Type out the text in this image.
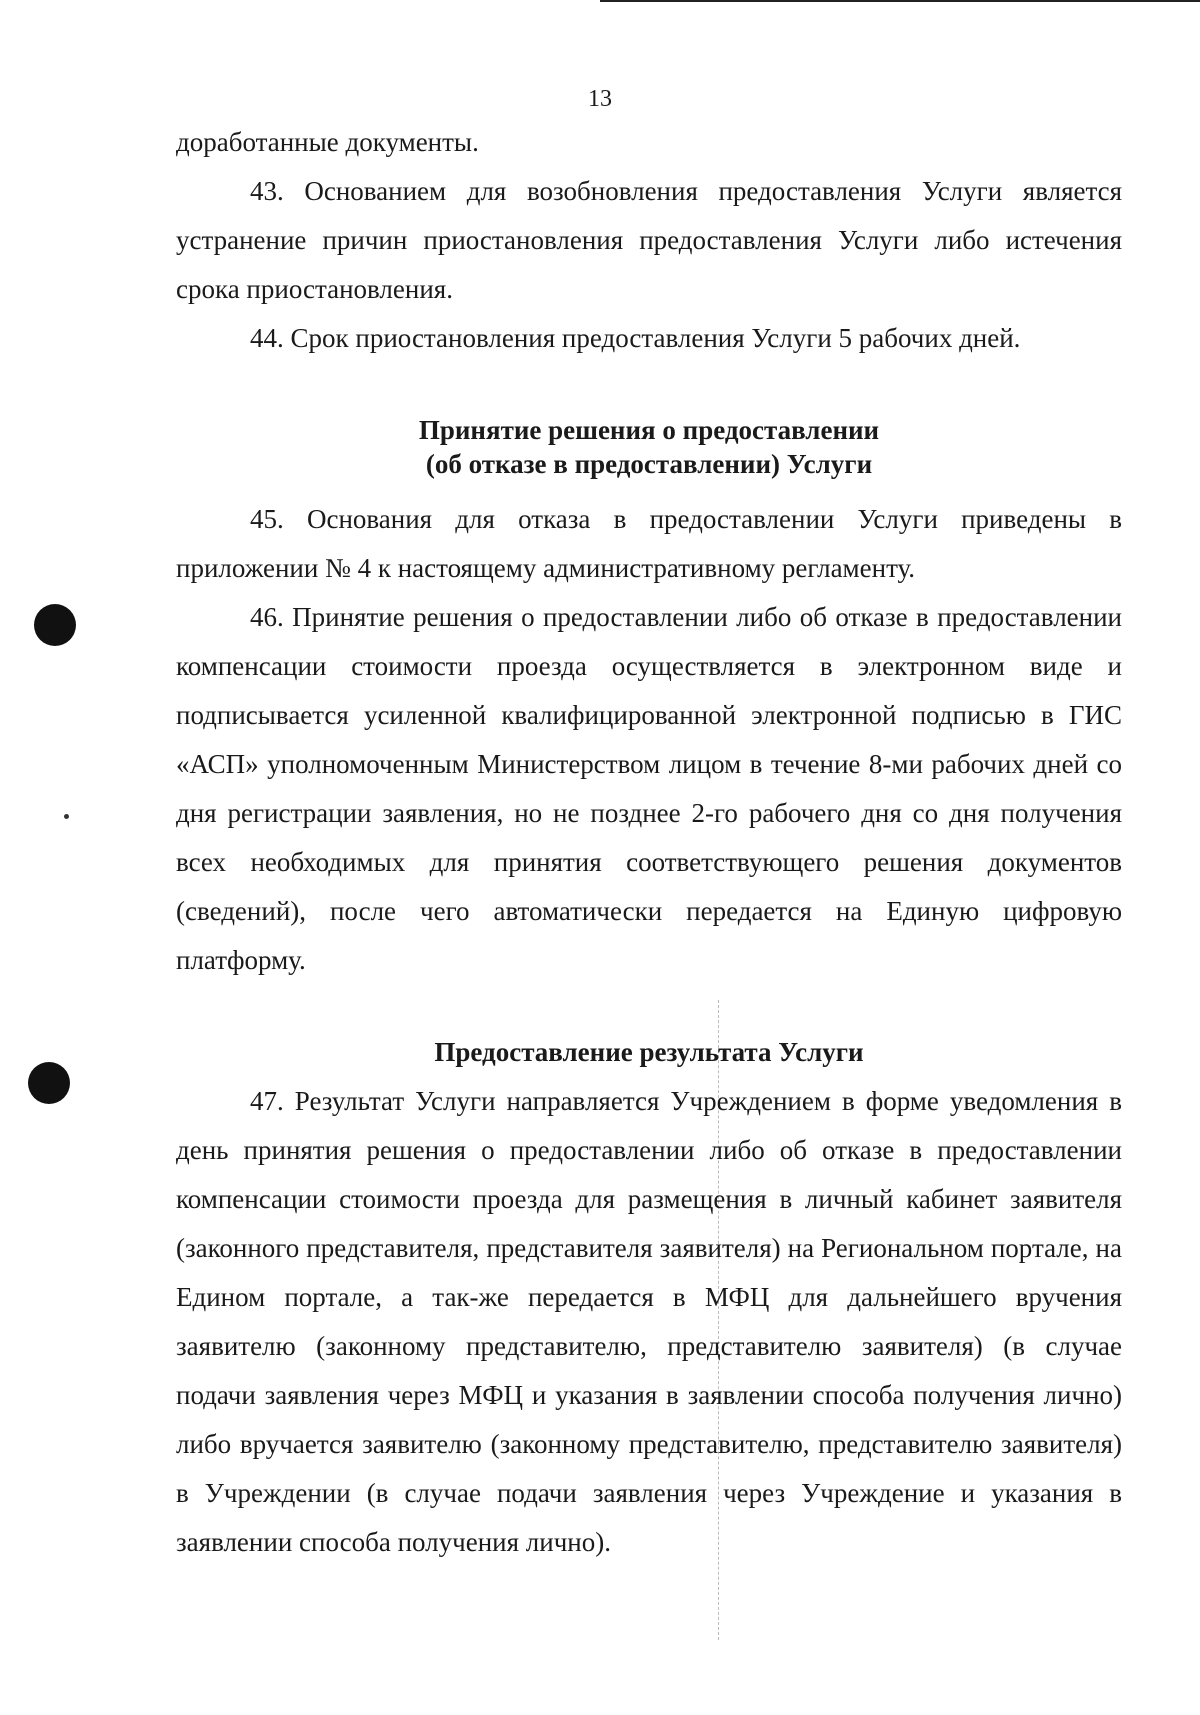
13

доработанные документы.

43. Основанием для возобновления предоставления Услуги является устранение причин приостановления предоставления Услуги либо истечения срока приостановления.

44. Срок приостановления предоставления Услуги 5 рабочих дней.

Принятие решения о предоставлении
(об отказе в предоставлении) Услуги

45. Основания для отказа в предоставлении Услуги приведены в приложении № 4 к настоящему административному регламенту.

46. Принятие решения о предоставлении либо об отказе в предоставлении компенсации стоимости проезда осуществляется в электронном виде и подписывается усиленной квалифицированной электронной подписью в ГИС «АСП» уполномоченным Министерством лицом в течение 8-ми рабочих дней со дня регистрации заявления, но не позднее 2-го рабочего дня со дня получения всех необходимых для принятия соответствующего решения документов (сведений), после чего автоматически передается на Единую цифровую платформу.

Предоставление результата Услуги

47. Результат Услуги направляется Учреждением в форме уведомления в день принятия решения о предоставлении либо об отказе в предоставлении компенсации стоимости проезда для размещения в личный кабинет заявителя (законного представителя, представителя заявителя) на Региональном портале, на Едином портале, а так-же передается в МФЦ для дальнейшего вручения заявителю (законному представителю, представителю заявителя) (в случае подачи заявления через МФЦ и указания в заявлении способа получения лично) либо вручается заявителю (законному представителю, представителю заявителя) в Учреждении (в случае подачи заявления через Учреждение и указания в заявлении способа получения лично).
